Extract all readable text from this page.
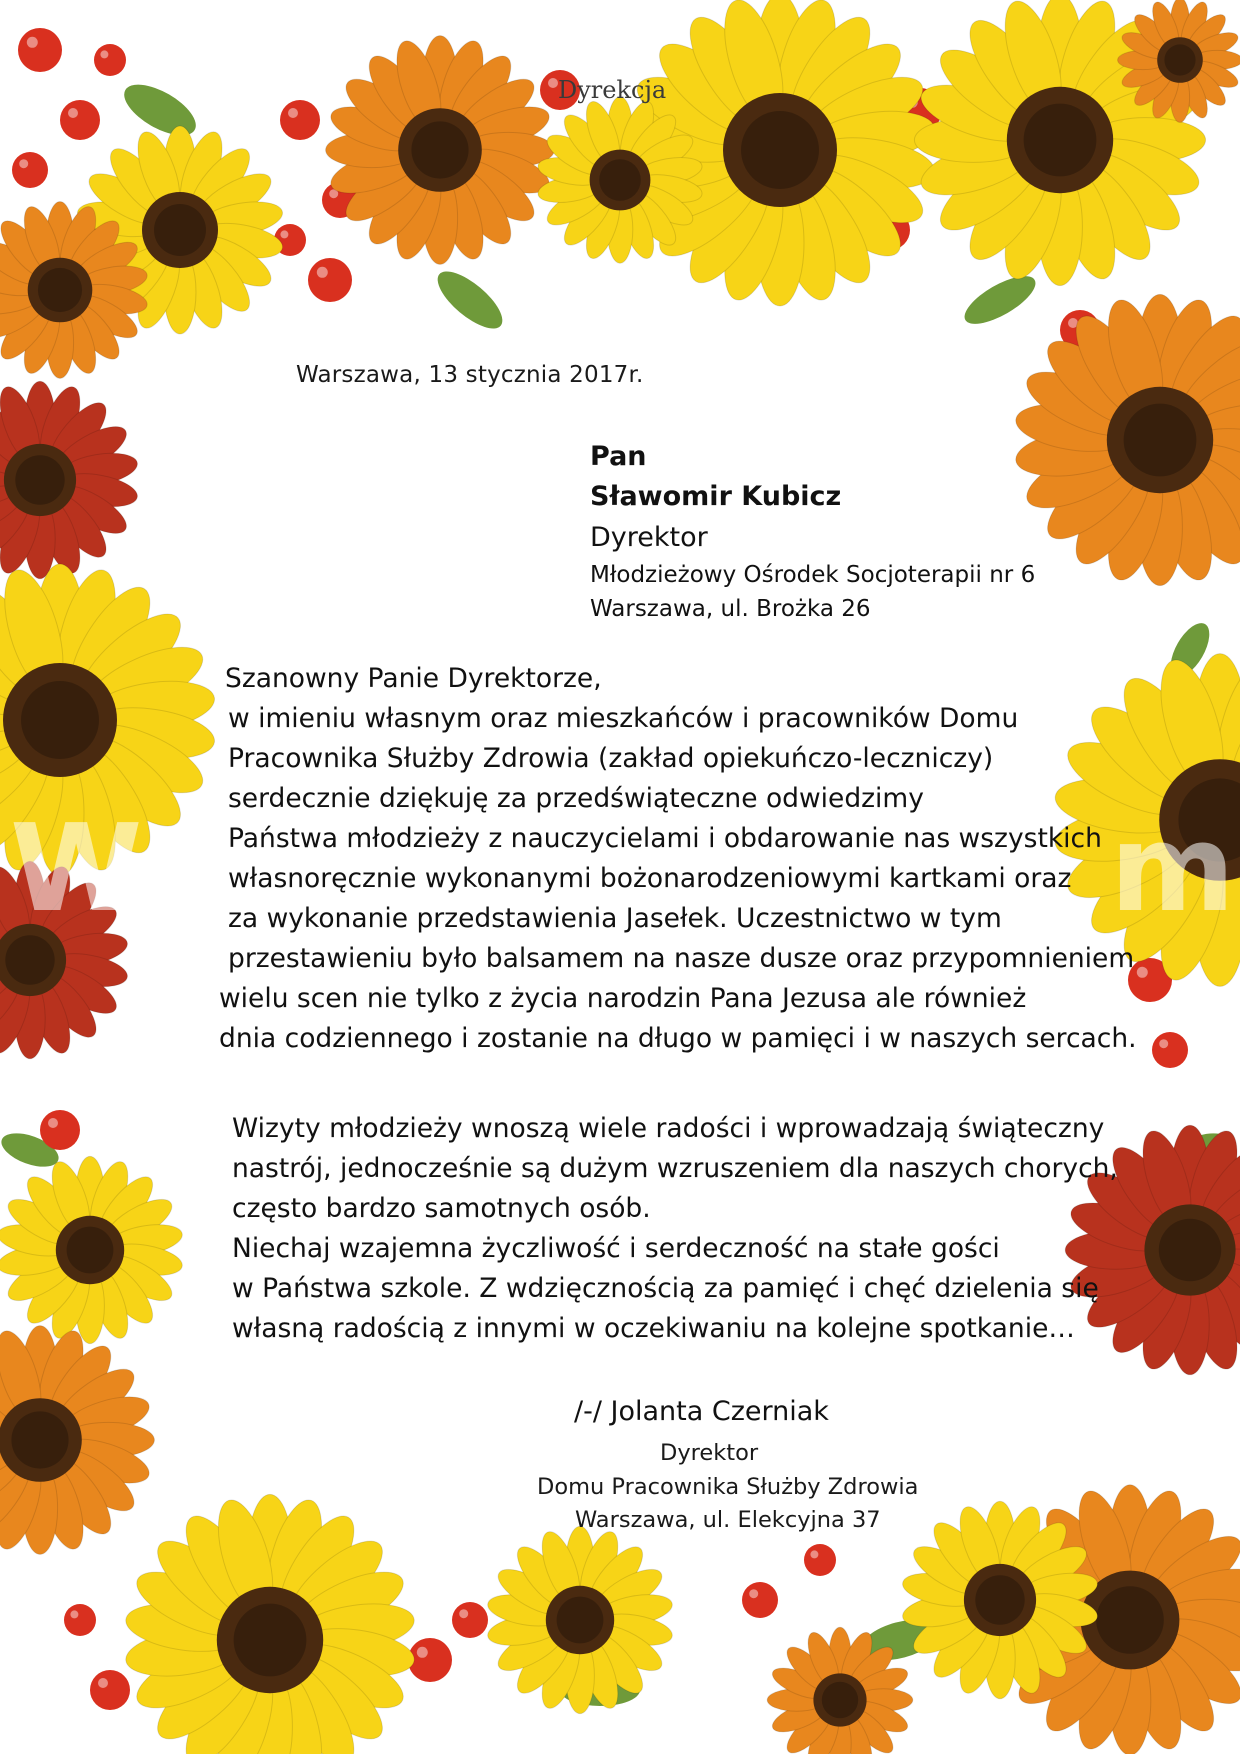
W	m
Dyrekcja
Warszawa, 13 stycznia 2017r.
Pan
Sławomir Kubicz
Dyrektor
Młodzieżowy Ośrodek Socjoterapii nr 6
Warszawa, ul. Brożka 26
Szanowny Panie Dyrektorze,
w imieniu własnym oraz mieszkańców i pracowników Domu
Pracownika Służby Zdrowia (zakład opiekuńczo-leczniczy)
serdecznie dziękuję za przedświąteczne odwiedzimy
Państwa młodzieży z nauczycielami i obdarowanie nas wszystkich
własnoręcznie wykonanymi bożonarodzeniowymi kartkami oraz
za wykonanie przedstawienia Jasełek. Uczestnictwo w tym
przestawieniu było balsamem na nasze dusze oraz przypomnieniem
wielu scen nie tylko z życia narodzin Pana Jezusa ale również
dnia codziennego i zostanie na długo w pamięci i w naszych sercach.
Wizyty młodzieży wnoszą wiele radości i wprowadzają świąteczny
nastrój, jednocześnie są dużym wzruszeniem dla naszych chorych,
często bardzo samotnych osób.
Niechaj wzajemna życzliwość i serdeczność na stałe gości
w Państwa szkole. Z wdzięcznością za pamięć i chęć dzielenia się
własną radością z innymi w oczekiwaniu na kolejne spotkanie…
/-/ Jolanta Czerniak
Dyrektor
Domu Pracownika Służby Zdrowia
Warszawa, ul. Elekcyjna 37
